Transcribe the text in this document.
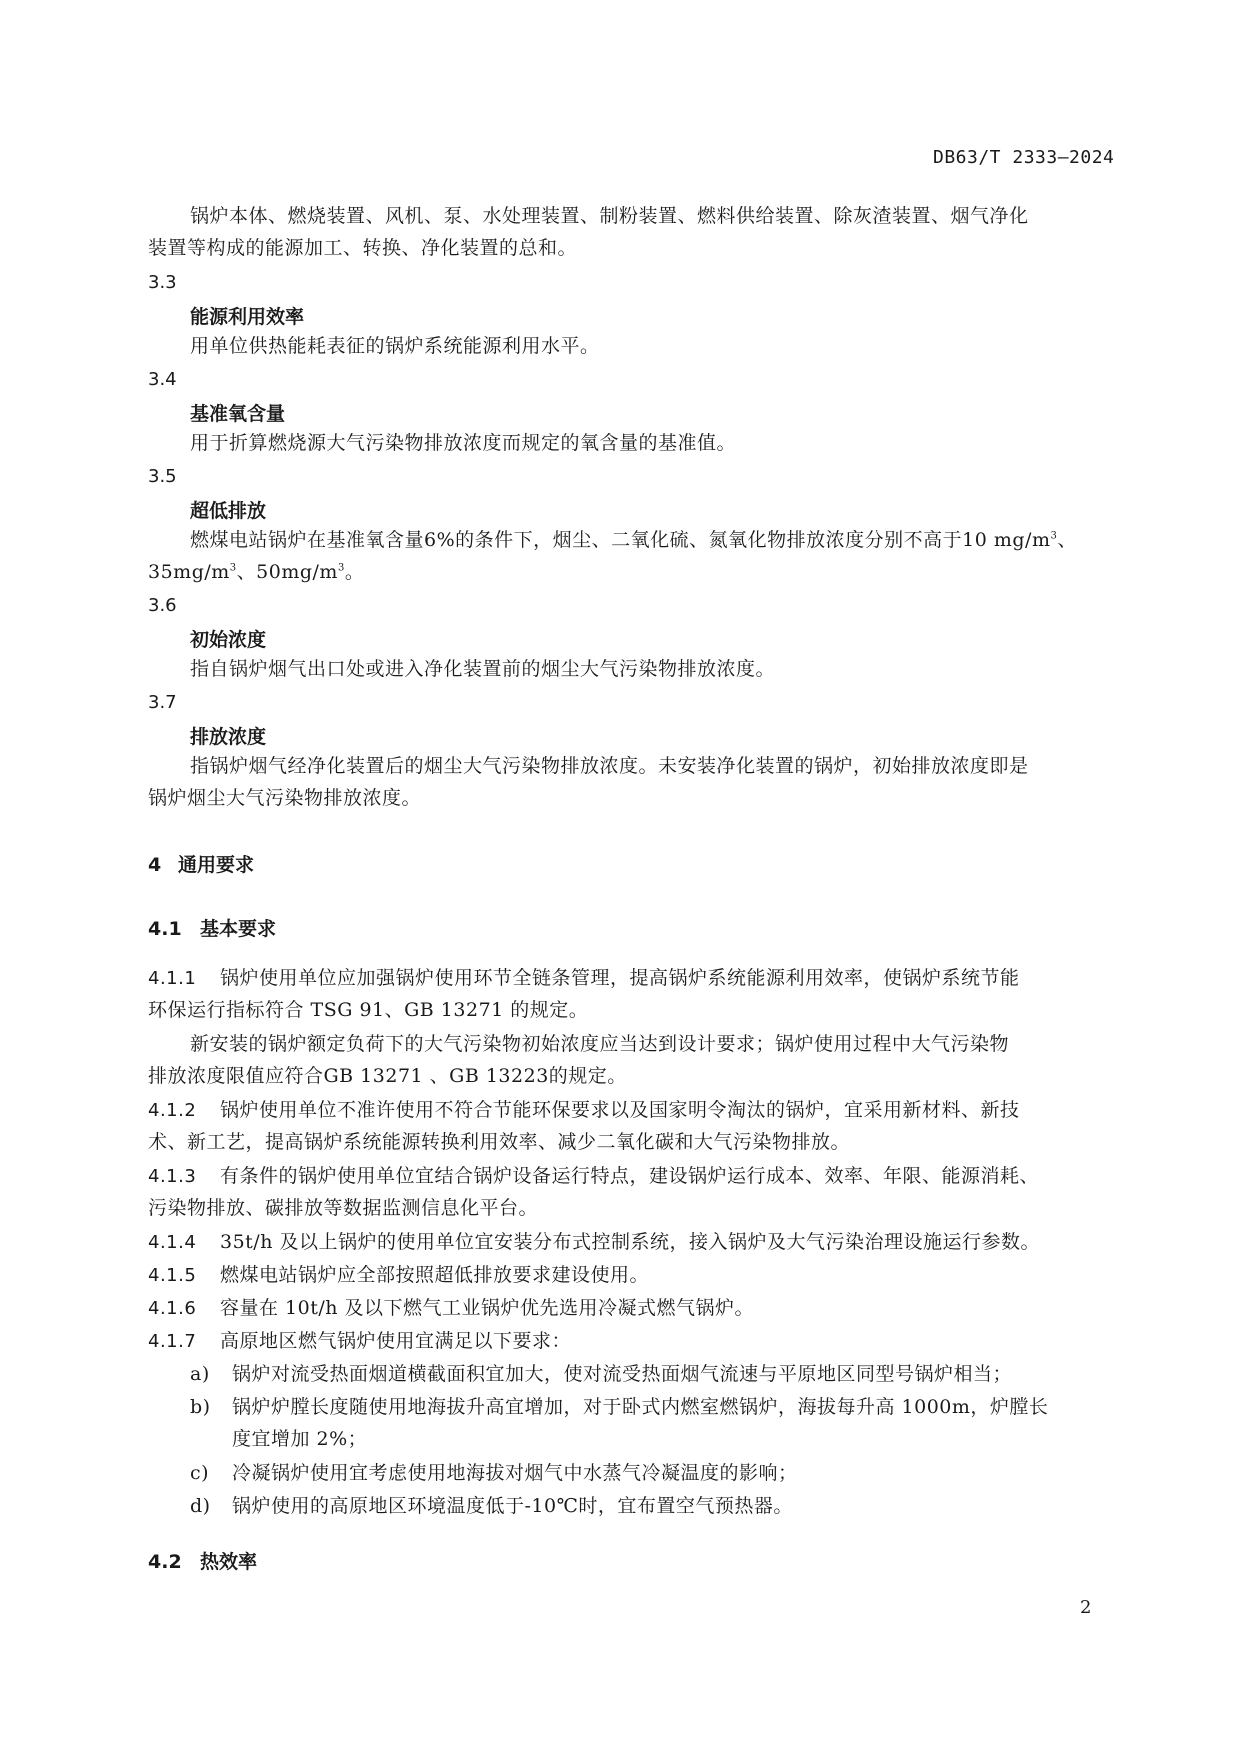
DB63/T 2333—2024
锅炉本体、燃烧装置、风机、泵、水处理装置、制粉装置、燃料供给装置、除灰渣装置、烟气净化
装置等构成的能源加工、转换、净化装置的总和。
3.3
能源利用效率
用单位供热能耗表征的锅炉系统能源利用水平。
3.4
基准氧含量
用于折算燃烧源大气污染物排放浓度而规定的氧含量的基准值。
3.5
超低排放
燃煤电站锅炉在基准氧含量6%的条件下，烟尘、二氧化硫、氮氧化物排放浓度分别不高于10 $mg/m^3$、
$35mg/m^3$、$50mg/m^3$。
3.6
初始浓度
指自锅炉烟气出口处或进入净化装置前的烟尘大气污染物排放浓度。
3.7
排放浓度
指锅炉烟气经净化装置后的烟尘大气污染物排放浓度。未安装净化装置的锅炉，初始排放浓度即是
锅炉烟尘大气污染物排放浓度。
4 通用要求
4.1 基本要求
4.1.1 锅炉使用单位应加强锅炉使用环节全链条管理，提高锅炉系统能源利用效率，使锅炉系统节能
环保运行指标符合 TSG 91、GB 13271 的规定。
新安装的锅炉额定负荷下的大气污染物初始浓度应当达到设计要求；锅炉使用过程中大气污染物
排放浓度限值应符合GB 13271 、GB 13223的规定。
4.1.2 锅炉使用单位不准许使用不符合节能环保要求以及国家明令淘汰的锅炉，宜采用新材料、新技
术、新工艺，提高锅炉系统能源转换利用效率、减少二氧化碳和大气污染物排放。
4.1.3 有条件的锅炉使用单位宜结合锅炉设备运行特点，建设锅炉运行成本、效率、年限、能源消耗、
污染物排放、碳排放等数据监测信息化平台。
4.1.4 35t/h 及以上锅炉的使用单位宜安装分布式控制系统，接入锅炉及大气污染治理设施运行参数。
4.1.5 燃煤电站锅炉应全部按照超低排放要求建设使用。
4.1.6 容量在 10t/h 及以下燃气工业锅炉优先选用冷凝式燃气锅炉。
4.1.7 高原地区燃气锅炉使用宜满足以下要求：
a) 锅炉对流受热面烟道横截面积宜加大，使对流受热面烟气流速与平原地区同型号锅炉相当；
b) 锅炉炉膛长度随使用地海拔升高宜增加，对于卧式内燃室燃锅炉，海拔每升高 1000m，炉膛长
度宜增加 2%；
c) 冷凝锅炉使用宜考虑使用地海拔对烟气中水蒸气冷凝温度的影响；
d) 锅炉使用的高原地区环境温度低于-10℃时，宜布置空气预热器。
4.2 热效率
2
